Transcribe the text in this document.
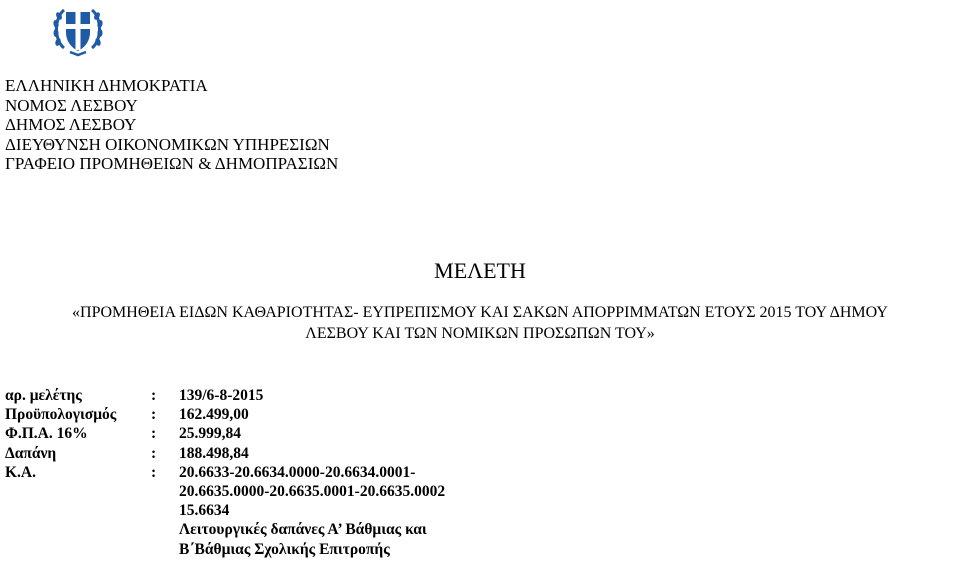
ΕΛΛΗΝΙΚΗ ΔΗΜΟΚΡΑΤΙΑ
ΝΟΜΟΣ ΛΕΣΒΟΥ
ΔΗΜΟΣ ΛΕΣΒΟΥ
ΔΙΕΥΘΥΝΣΗ ΟΙΚΟΝΟΜΙΚΩΝ ΥΠΗΡΕΣΙΩΝ
ΓΡΑΦΕΙΟ ΠΡΟΜΗΘΕΙΩΝ & ΔΗΜΟΠΡΑΣΙΩΝ
ΜΕΛΕΤΗ
«ΠΡΟΜΗΘΕΙΑ ΕΙΔΩΝ ΚΑΘΑΡΙΟΤΗΤΑΣ- ΕΥΠΡΕΠΙΣΜΟΥ ΚΑΙ ΣΑΚΩΝ ΑΠΟΡΡΙΜΜΑΤΩΝ ΕΤΟΥΣ 2015 ΤΟΥ ΔΗΜΟΥ
ΛΕΣΒΟΥ ΚΑΙ ΤΩΝ ΝΟΜΙΚΩΝ ΠΡΟΣΩΠΩΝ ΤΟΥ»
αρ. μελέτης	:	139/6-8-2015
Προϋπολογισμός	:	162.499,00
Φ.Π.Α. 16%	:	25.999,84
Δαπάνη	:	188.498,84
Κ.Α.	:	20.6633-20.6634.0000-20.6634.0001-
20.6635.0000-20.6635.0001-20.6635.0002
15.6634
Λειτουργικές δαπάνες Α’ Βάθμιας και
Β΄Βάθμιας Σχολικής Επιτροπής
